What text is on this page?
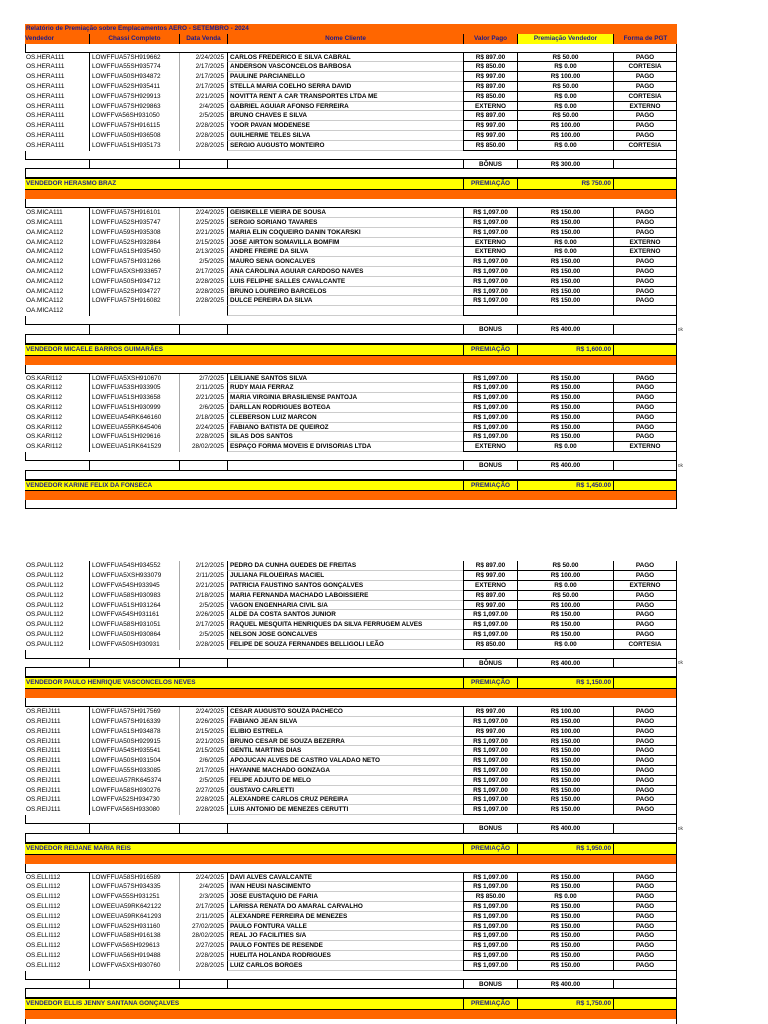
Relatório de Premiação sobre Emplacamentos AERO - SETEMBRO - 2024
Vendedor	Chassi Completo	Data Venda	Nome Cliente	Valor Pago	Premiação Vendedor	Forma de PGT
OS.HERA111	LOWFFUA57SH919662	2/24/2025 CARLOS FREDERICO E SILVA CABRAL	R$ 897.00	R$ 50.00	PAGO
OS.HERA111	LOWFFUA55SH935774	2/17/2025 ANDERSON VASCONCELOS BARBOSA	R$ 850.00	R$ 0.00	CORTESIA
OS.HERA111	LOWFFUA50SH934872	2/17/2025 PAULINE PARCIANELLO	R$ 997.00	R$ 100.00	PAGO
OS.HERA111	LOWFFUA52SH935411	2/17/2025 STELLA MARIA COELHO SERRA DAVID	R$ 897.00	R$ 50.00	PAGO
OS.HERA111	LOWFFUA57SH929913	2/21/2025 NOVITTA RENT A CAR TRANSPORTES LTDA ME	R$ 850.00	R$ 0.00	CORTESIA
OS.HERA111	LOWFFUA57SH929863	2/4/2025 GABRIEL AGUIAR AFONSO FERREIRA	EXTERNO	R$ 0.00	EXTERNO
OS.HERA111	LOWFFVA56SH931050	2/5/2025 BRUNO CHAVES E SILVA	R$ 897.00	R$ 50.00	PAGO
OS.HERA111	LOWFFUA57SH916115	2/28/2025 YOOR PAVAN MODENESE	R$ 997.00	R$ 100.00	PAGO
OS.HERA111	LOWFFUA50SH936508	2/28/2025 GUILHERME TELES SILVA	R$ 997.00	R$ 100.00	PAGO
OS.HERA111	LOWFFUA51SH935173	2/28/2025 SERGIO AUGUSTO MONTEIRO	R$ 850.00	R$ 0.00	CORTESIA
BÔNUS	R$ 300.00
VENDEDOR HERASMO BRAZ	PREMIAÇÃO	R$ 750.00
OS.MICA111	LOWFFUA57SH916101	2/24/2025 GEISIKELLE VIEIRA DE SOUSA	R$ 1,097.00	R$ 150.00	PAGO
OS.MICA111	LOWFFUA52SH935747	2/25/2025 SERGIO SORIANO TAVARES	R$ 1,097.00	R$ 150.00	PAGO
OA.MICA112	LOWFFUA59SH935308	2/21/2025 MARIA ELIN COQUEIRO DANIN TOKARSKI	R$ 1,097.00	R$ 150.00	PAGO
OA.MICA112	LOWFFUA52SH932864	2/15/2025 JOSE AIRTON SOMAVILLA BOMFIM	EXTERNO	R$ 0.00	EXTERNO
OA.MICA112	LOWFFUA51SH935450	2/13/2025 ANDRE FREIRE DA SILVA	EXTERNO	R$ 0.00	EXTERNO
OA.MICA112	LOWFFUA57SH931266	2/5/2025 MAURO SENA GONCALVES	R$ 1,097.00	R$ 150.00	PAGO
OA.MICA112	LOWFFUA5XSH933657	2/17/2025 ANA CAROLINA AGUIAR CARDOSO NAVES	R$ 1,097.00	R$ 150.00	PAGO
OA.MICA112	LOWFFUA50SH934712	2/28/2025 LUIS FELIPHE SALLES CAVALCANTE	R$ 1,097.00	R$ 150.00	PAGO
OA.MICA112	LOWFFUA52SH934727	2/28/2025 BRUNO LOUREIRO BARCELOS	R$ 1,097.00	R$ 150.00	PAGO
OA.MICA112	LOWFFUA57SH916082	2/28/2025 DULCE PEREIRA DA SILVA	R$ 1,097.00	R$ 150.00	PAGO
OA.MICA112
BONUS	R$ 400.00	ok
VENDEDOR MICAELE BARROS GUIMARÃES	PREMIAÇÃO	R$ 1,600.00
OS.KARI112	LOWFFUA5XSH910670	2/7/2025 LEILIANE SANTOS SILVA	R$ 1,097.00	R$ 150.00	PAGO
OS.KARI112	LOWFFUA53SH933905	2/11/2025 RUDY MAIA FERRAZ	R$ 1,097.00	R$ 150.00	PAGO
OS.KARI112	LOWFFUA51SH933658	2/21/2025 MARIA VIRGINIA BRASILIENSE PANTOJA	R$ 1,097.00	R$ 150.00	PAGO
OS.KARI112	LOWFFUA51SH930999	2/6/2025 DARLLAN RODRIGUES BOTEGA	R$ 1,097.00	R$ 150.00	PAGO
OS.KARI112	LOWEEUA54RK646160	2/18/2025 CLEBERSON LUIZ MARCON	R$ 1,097.00	R$ 150.00	PAGO
OS.KARI112	LOWEEUA55RK645406	2/24/2025 FABIANO BATISTA DE QUEIROZ	R$ 1,097.00	R$ 150.00	PAGO
OS.KARI112	LOWFFUA51SH929616	2/28/2025 SILAS DOS SANTOS	R$ 1,097.00	R$ 150.00	PAGO
OS.KARI112	LOWEEUA51RK641529	28/02/2025 ESPAÇO FORMA MOVEIS E DIVISORIAS LTDA	EXTERNO	R$ 0.00	EXTERNO
BONUS	R$ 400.00	ok
VENDEDOR KARINE FELIX DA FONSECA	PREMIAÇÃO	R$ 1,450.00
OS.PAUL112	LOWFFUA54SH934552	2/12/2025 PEDRO DA CUNHA GUEDES DE FREITAS	R$ 897.00	R$ 50.00	PAGO
OS.PAUL112	LOWFFUA5XSH933079	2/11/2025 JULIANA FILOUEIRAS MACIEL	R$ 997.00	R$ 100.00	PAGO
OS.PAUL112	LOWFFVA54SH933945	2/21/2025 PATRICIA FAUSTINO SANTOS GONÇALVES	EXTERNO	R$ 0.00	EXTERNO
OS.PAUL112	LOWFFUA58SH930983	2/18/2025 MARIA FERNANDA MACHADO LABOISSIERE	R$ 897.00	R$ 50.00	PAGO
OS.PAUL112	LOWFFUA51SH931264	2/5/2025 VAGON ENGENHARIA CIVIL S/A	R$ 997.00	R$ 100.00	PAGO
OS.PAUL112	LOWFFVA54SH931161	2/26/2025 ALDE DA COSTA SANTOS JUNIOR	R$ 1,097.00	R$ 150.00	PAGO
OS.PAUL112	LOWFFUA58SH931051	2/17/2025 RAQUEL MESQUITA HENRIQUES DA SILVA FERRUGEM ALVES	R$ 1,097.00	R$ 150.00	PAGO
OS.PAUL112	LOWFFUA50SH930864	2/5/2025 NELSON JOSE GONCALVES	R$ 1,097.00	R$ 150.00	PAGO
OS.PAUL112	LOWFFVA50SH930931	2/28/2025 FELIPE DE SOUZA FERNANDES BELLIGOLI LEÃO	R$ 850.00	R$ 0.00	CORTESIA
BÔNUS	R$ 400.00	ok
VENDEDOR PAULO HENRIQUE VASCONCELOS NEVES	PREMIAÇÃO	R$ 1,150.00
OS.REIJ111	LOWFFUA57SH917569	2/24/2025 CESAR AUGUSTO SOUZA PACHECO	R$ 997.00	R$ 100.00	PAGO
OS.REIJ111	LOWFFUA57SH916339	2/26/2025 FABIANO JEAN SILVA	R$ 1,097.00	R$ 150.00	PAGO
OS.REIJ111	LOWFFUA51SH934878	2/15/2025 ELIBIO ESTRELA	R$ 997.00	R$ 100.00	PAGO
OS.REIJ111	LOWFFUA50SH929915	2/21/2025 BRUNO CESAR DE SOUZA BEZERRA	R$ 1,097.00	R$ 150.00	PAGO
OS.REIJ111	LOWFFUA54SH935541	2/15/2025 GENTIL MARTINS DIAS	R$ 1,097.00	R$ 150.00	PAGO
OS.REIJ111	LOWFFUA50SH931504	2/6/2025 APOJUCAN ALVES DE CASTRO VALADAO NETO	R$ 1,097.00	R$ 150.00	PAGO
OS.REIJ111	LOWFFUA55SH933085	2/17/2025 HAYANNE MACHADO GONZAGA	R$ 1,097.00	R$ 150.00	PAGO
OS.REIJ111	LOWEEUA57RK645374	2/5/2025 FELIPE ADJUTO DE MELO	R$ 1,097.00	R$ 150.00	PAGO
OS.REIJ111	LOWFFUA58SH930276	2/27/2025 GUSTAVO CARLETTI	R$ 1,097.00	R$ 150.00	PAGO
OS.REIJ111	LOWFFVA52SH934730	2/28/2025 ALEXANDRE CARLOS CRUZ PEREIRA	R$ 1,097.00	R$ 150.00	PAGO
OS.REIJ111	LOWFFVA56SH933080	2/28/2025 LUIS ANTONIO DE MENEZES CERUTTI	R$ 1,097.00	R$ 150.00	PAGO
BONUS	R$ 400.00	ok
VENDEDOR REIJANE MARIA REIS	PREMIAÇÃO	R$ 1,950.00
OS.ELLI112	LOWFFUA58SH916589	2/24/2025 DAVI ALVES CAVALCANTE	R$ 1,097.00	R$ 150.00	PAGO
OS.ELLI112	LOWFFUA57SH934335	2/4/2025 IVAN HEUSI NASCIMENTO	R$ 1,097.00	R$ 150.00	PAGO
OS.ELLI112	LOWFFVA55SH931251	2/3/2025 JOSE EUSTAQUIO DE FARIA	R$ 850.00	R$ 0.00	PAGO
OS.ELLI112	LOWEEUA59RK642122	2/17/2025 LARISSA RENATA DO AMARAL CARVALHO	R$ 1,097.00	R$ 150.00	PAGO
OS.ELLI112	LOWEEUA59RK641293	2/11/2025 ALEXANDRE FERREIRA DE MENEZES	R$ 1,097.00	R$ 150.00	PAGO
OS.ELLI112	LOWFFUA52SH931160	27/02/2025 PAULO FONTURA VALLE	R$ 1,097.00	R$ 150.00	PAGO
OS.ELLI112	LOWFFUA58SH916138	28/02/2025 REAL JO FACILITIES S/A	R$ 1,097.00	R$ 150.00	PAGO
OS.ELLI112	LOWFFVA56SH929613	2/27/2025 PAULO FONTES DE RESENDE	R$ 1,097.00	R$ 150.00	PAGO
OS.ELLI112	LOWFFUA56SH919488	2/28/2025 HUELITA HOLANDA RODRIGUES	R$ 1,097.00	R$ 150.00	PAGO
OS.ELLI112	LOWFFVA5XSH930760	2/28/2025 LUIZ CARLOS BORGES	R$ 1,097.00	R$ 150.00	PAGO
BONUS	R$ 400.00
VENDEDOR ELLIS JENNY SANTANA GONÇALVES	PREMIAÇÃO	R$ 1,750.00
